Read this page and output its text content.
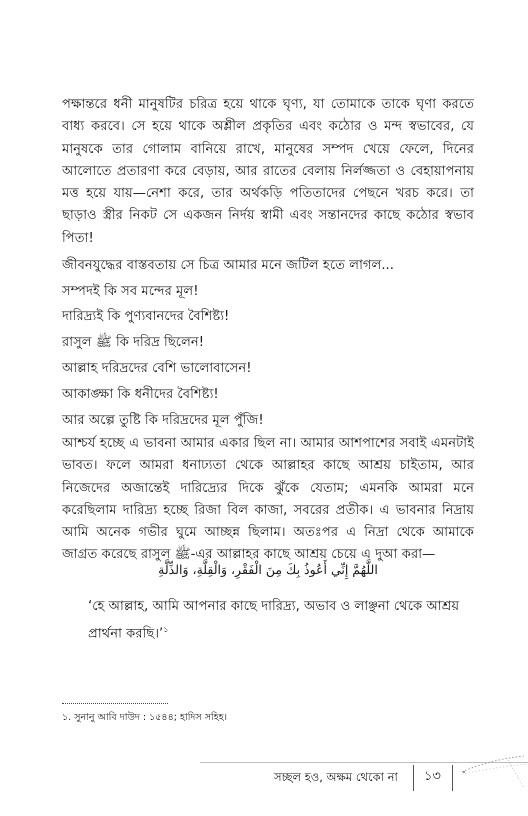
পক্ষান্তরে ধনী মানুষটির চরিত্র হয়ে থাকে ঘৃণ্য, যা তোমাকে তাকে ঘৃণা করতে বাধ্য করবে। সে হয়ে থাকে অশ্লীল প্রকৃতির এবং কঠোর ও মন্দ স্বভাবের, যে মানুষকে তার গোলাম বানিয়ে রাখে, মানুষের সম্পদ খেয়ে ফেলে, দিনের আলোতে প্রতারণা করে বেড়ায়, আর রাতের বেলায় নির্লজ্জতা ও বেহায়াপনায় মত্ত হয়ে যায়—নেশা করে, তার অর্থকড়ি পতিতাদের পেছনে খরচ করে। তা ছাড়াও স্ত্রীর নিকট সে একজন নির্দয় স্বামী এবং সন্তানদের কাছে কঠোর স্বভাব পিতা!

জীবনযুদ্ধের বাস্তবতায় সে চিত্র আমার মনে জটিল হতে লাগল...

সম্পদই কি সব মন্দের মূল!

দারিদ্র্যই কি পুণ্যবানদের বৈশিষ্ট্য!

রাসুল ﷺ কি দরিদ্র ছিলেন!

আল্লাহ দরিদ্রদের বেশি ভালোবাসেন!

আকাঙ্ক্ষা কি ধনীদের বৈশিষ্ট্য!

আর অল্পে তুষ্টি কি দরিদ্রদের মূল পুঁজি!

আশ্চর্য হচ্ছে এ ভাবনা আমার একার ছিল না। আমার আশপাশের সবাই এমনটাই ভাবত। ফলে আমরা ধনাঢ্যতা থেকে আল্লাহর কাছে আশ্রয় চাইতাম, আর নিজেদের অজান্তেই দারিদ্র্যের দিকে ঝুঁকে যেতাম; এমনকি আমরা মনে করেছিলাম দারিদ্র্য হচ্ছে রিজা বিল কাজা, সবরের প্রতীক। এ ভাবনার নিদ্রায় আমি অনেক গভীর ঘুমে আচ্ছন্ন ছিলাম। অতঃপর এ নিদ্রা থেকে আমাকে জাগ্রত করেছে রাসুল ﷺ-এর আল্লাহর কাছে আশ্রয় চেয়ে এ দুআ করা—

اللَّهُمَّ إِنِّي أَعُوذُ بِكَ مِنَ الْفَقْرِ، وَالْقِلَّةِ، وَالذِّلَّةِ

‘হে আল্লাহ, আমি আপনার কাছে দারিদ্র্য, অভাব ও লাঞ্ছনা থেকে আশ্রয় প্রার্থনা করছি।’$^১$

১. সুনানু আবি দাউদ : ১৫৪৪; হাদিস সহিহ।
সচ্ছল হও, অক্ষম থেকো না ১৩
